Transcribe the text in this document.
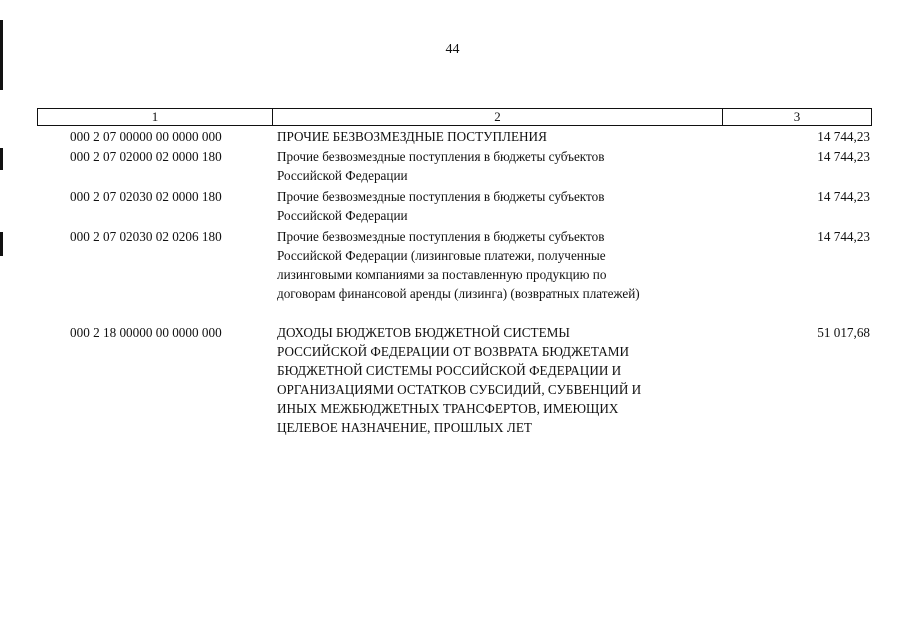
44
1	2	3
000 2 07 00000 00 0000 000	ПРОЧИЕ БЕЗВОЗМЕЗДНЫЕ ПОСТУПЛЕНИЯ	14 744,23
000 2 07 02000 02 0000 180	Прочие безвозмездные поступления в бюджеты субъектов
Российской Федерации
14 744,23
000 2 07 02030 02 0000 180	Прочие безвозмездные поступления в бюджеты субъектов
Российской Федерации
14 744,23
000 2 07 02030 02 0206 180	Прочие безвозмездные поступления в бюджеты субъектов
Российской Федерации (лизинговые платежи, полученные
лизинговыми компаниями за поставленную продукцию по
договорам финансовой аренды (лизинга) (возвратных платежей)
14 744,23
000 2 18 00000 00 0000 000	ДОХОДЫ БЮДЖЕТОВ БЮДЖЕТНОЙ СИСТЕМЫ
РОССИЙСКОЙ ФЕДЕРАЦИИ ОТ ВОЗВРАТА БЮДЖЕТАМИ
БЮДЖЕТНОЙ СИСТЕМЫ РОССИЙСКОЙ ФЕДЕРАЦИИ И
ОРГАНИЗАЦИЯМИ ОСТАТКОВ СУБСИДИЙ, СУБВЕНЦИЙ И
ИНЫХ МЕЖБЮДЖЕТНЫХ ТРАНСФЕРТОВ, ИМЕЮЩИХ
ЦЕЛЕВОЕ НАЗНАЧЕНИЕ, ПРОШЛЫХ ЛЕТ
51 017,68
